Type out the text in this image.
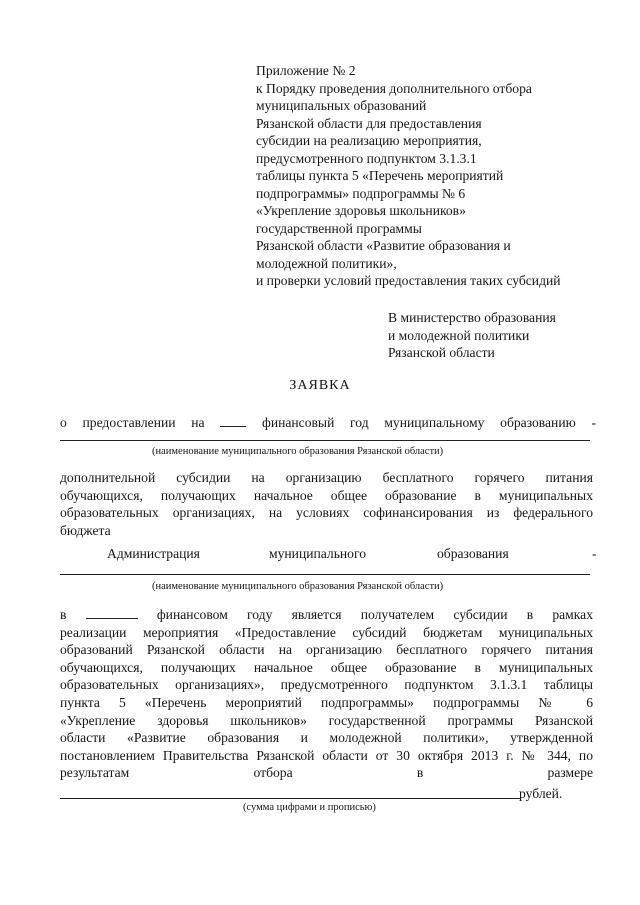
Приложение № 2
к Порядку проведения дополнительного отбора
муниципальных образований
Рязанской области для предоставления
субсидии на реализацию мероприятия,
предусмотренного подпунктом 3.1.3.1
таблицы пункта 5 «Перечень мероприятий
подпрограммы» подпрограммы № 6
«Укрепление здоровья школьников»
государственной программы
Рязанской области «Развитие образования и
молодежной политики»,
и проверки условий предоставления таких субсидий
В министерство образования
и молодежной политики
Рязанской области
ЗАЯВКА
о предоставлении на	финансовый год муниципальному образованию -
(наименование муниципального образования Рязанской области)
дополнительной субсидии на организацию бесплатного горячего питания
обучающихся, получающих начальное общее образование в муниципальных
образовательных организациях, на условиях софинансирования из федерального
бюджета
Администрация	муниципального	образования	-
(наименование муниципального образования Рязанской области)
в	финансовом году является получателем субсидии в рамках
реализации мероприятия «Предоставление субсидий бюджетам муниципальных
образований Рязанской области на организацию бесплатного горячего питания
обучающихся, получающих начальное общее образование в муниципальных
образовательных организациях», предусмотренного подпунктом 3.1.3.1 таблицы
пункта 5 «Перечень мероприятий подпрограммы» подпрограммы № 6
«Укрепление здоровья школьников» государственной программы Рязанской
области «Развитие образования и молодежной политики», утвержденной
постановлением Правительства Рязанской области от 30 октября 2013 г. № 344, по
результатам отбора в размере
рублей.
(сумма цифрами и прописью)
